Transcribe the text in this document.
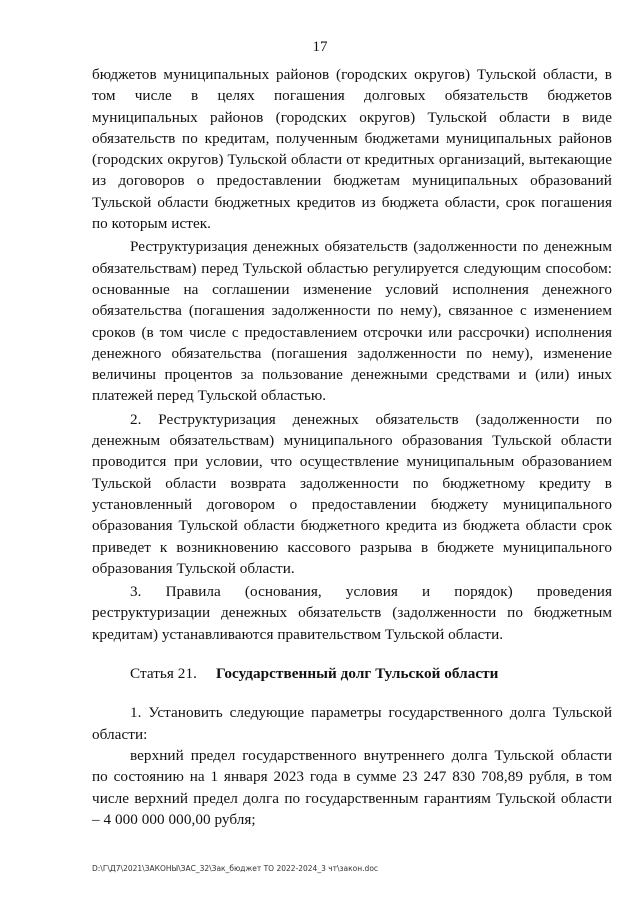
17

бюджетов муниципальных районов (городских округов) Тульской области, в том числе в целях погашения долговых обязательств бюджетов муниципальных районов (городских округов) Тульской области в виде обязательств по кредитам, полученным бюджетами муниципальных районов (городских округов) Тульской области от кредитных организаций, вытекающие из договоров о предоставлении бюджетам муниципальных образований Тульской области бюджетных кредитов из бюджета области, срок погашения по которым истек.

Реструктуризация денежных обязательств (задолженности по денежным обязательствам) перед Тульской областью регулируется следующим способом: основанные на соглашении изменение условий исполнения денежного обязательства (погашения задолженности по нему), связанное с изменением сроков (в том числе с предоставлением отсрочки или рассрочки) исполнения денежного обязательства (погашения задолженности по нему), изменение величины процентов за пользование денежными средствами и (или) иных платежей перед Тульской областью.

2. Реструктуризация денежных обязательств (задолженности по денежным обязательствам) муниципального образования Тульской области проводится при условии, что осуществление муниципальным образованием Тульской области возврата задолженности по бюджетному кредиту в установленный договором о предоставлении бюджету муниципального образования Тульской области бюджетного кредита из бюджета области срок приведет к возникновению кассового разрыва в бюджете муниципального образования Тульской области.

3. Правила (основания, условия и порядок) проведения реструктуризации денежных обязательств (задолженности по бюджетным кредитам) устанавливаются правительством Тульской области.

Статья 21. Государственный долг Тульской области

1. Установить следующие параметры государственного долга Тульской области:

верхний предел государственного внутреннего долга Тульской области по состоянию на 1 января 2023 года в сумме 23 247 830 708,89 рубля, в том числе верхний предел долга по государственным гарантиям Тульской области – 4 000 000 000,00 рубля;

D:\Г\Д7\2021\ЗАКОНЫ\ЗАС_32\Зак_бюджет ТО 2022-2024_3 чт\закон.doc
